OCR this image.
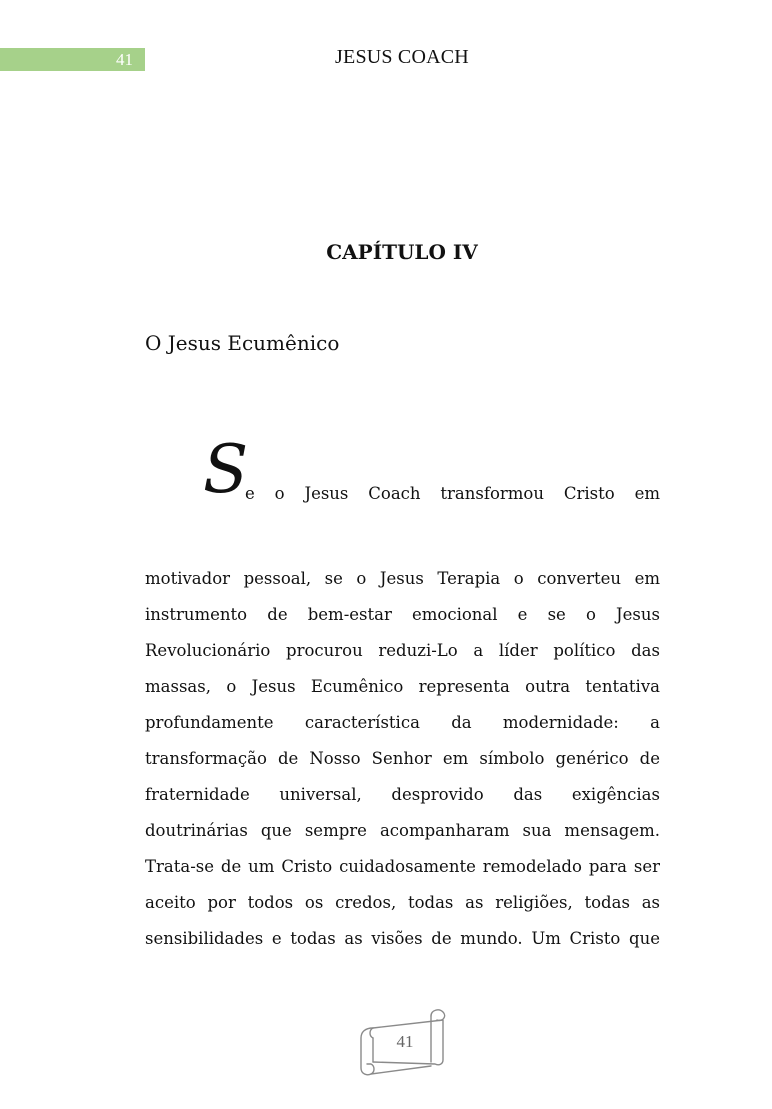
41	JESUS COACH
CAPÍTULO IV
O Jesus Ecumênico
S
e o Jesus Coach transformou Cristo em
motivador pessoal, se o Jesus Terapia o converteu em
instrumento de bem-estar emocional e se o Jesus
Revolucionário procurou reduzi-Lo a líder político das
massas, o Jesus Ecumênico representa outra tentativa
profundamente característica da modernidade: a
transformação de Nosso Senhor em símbolo genérico de
fraternidade universal, desprovido das exigências
doutrinárias que sempre acompanharam sua mensagem.
Trata-se de um Cristo cuidadosamente remodelado para ser
aceito por todos os credos, todas as religiões, todas as
sensibilidades e todas as visões de mundo. Um Cristo que
41
